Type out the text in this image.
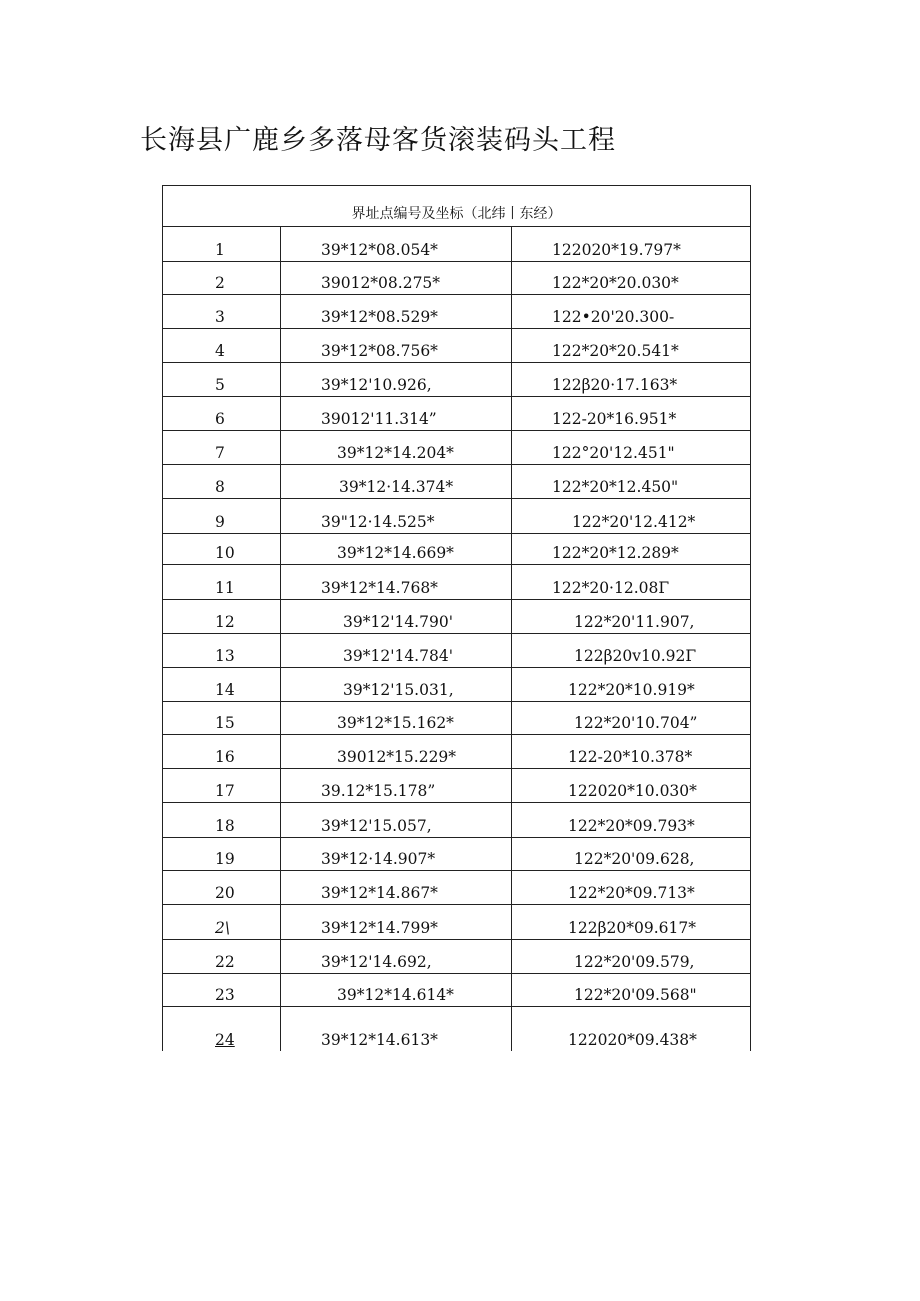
长海县广鹿乡多落母客货滚装码头工程
界址点编号及坐标（北纬丨东经）		
1	39*12*08.054*	122020*19.797*
2	39012*08.275*	122*20*20.030*
3	39*12*08.529*	122•20'20.300-
4	39*12*08.756*	122*20*20.541*
5	39*12'10.926,	122β20·17.163*
6	39012'11.314”	122-20*16.951*
7	39*12*14.204*	122°20'12.451"
8	39*12·14.374*	122*20*12.450"
9	39"12·14.525*	122*20'12.412*
10	39*12*14.669*	122*20*12.289*
11	39*12*14.768*	122*20·12.08Γ
12	39*12'14.790'	122*20'11.907,
13	39*12'14.784'	122β20v10.92Γ
14	39*12'15.031,	122*20*10.919*
15	39*12*15.162*	122*20'10.704”
16	39012*15.229*	122-20*10.378*
17	39.12*15.178”	122020*10.030*
18	39*12'15.057,	122*20*09.793*
19	39*12·14.907*	122*20'09.628,
20	39*12*14.867*	122*20*09.713*
2\	39*12*14.799*	122β20*09.617*
22	39*12'14.692,	122*20'09.579,
23	39*12*14.614*	122*20'09.568"
24	39*12*14.613*	122020*09.438*
